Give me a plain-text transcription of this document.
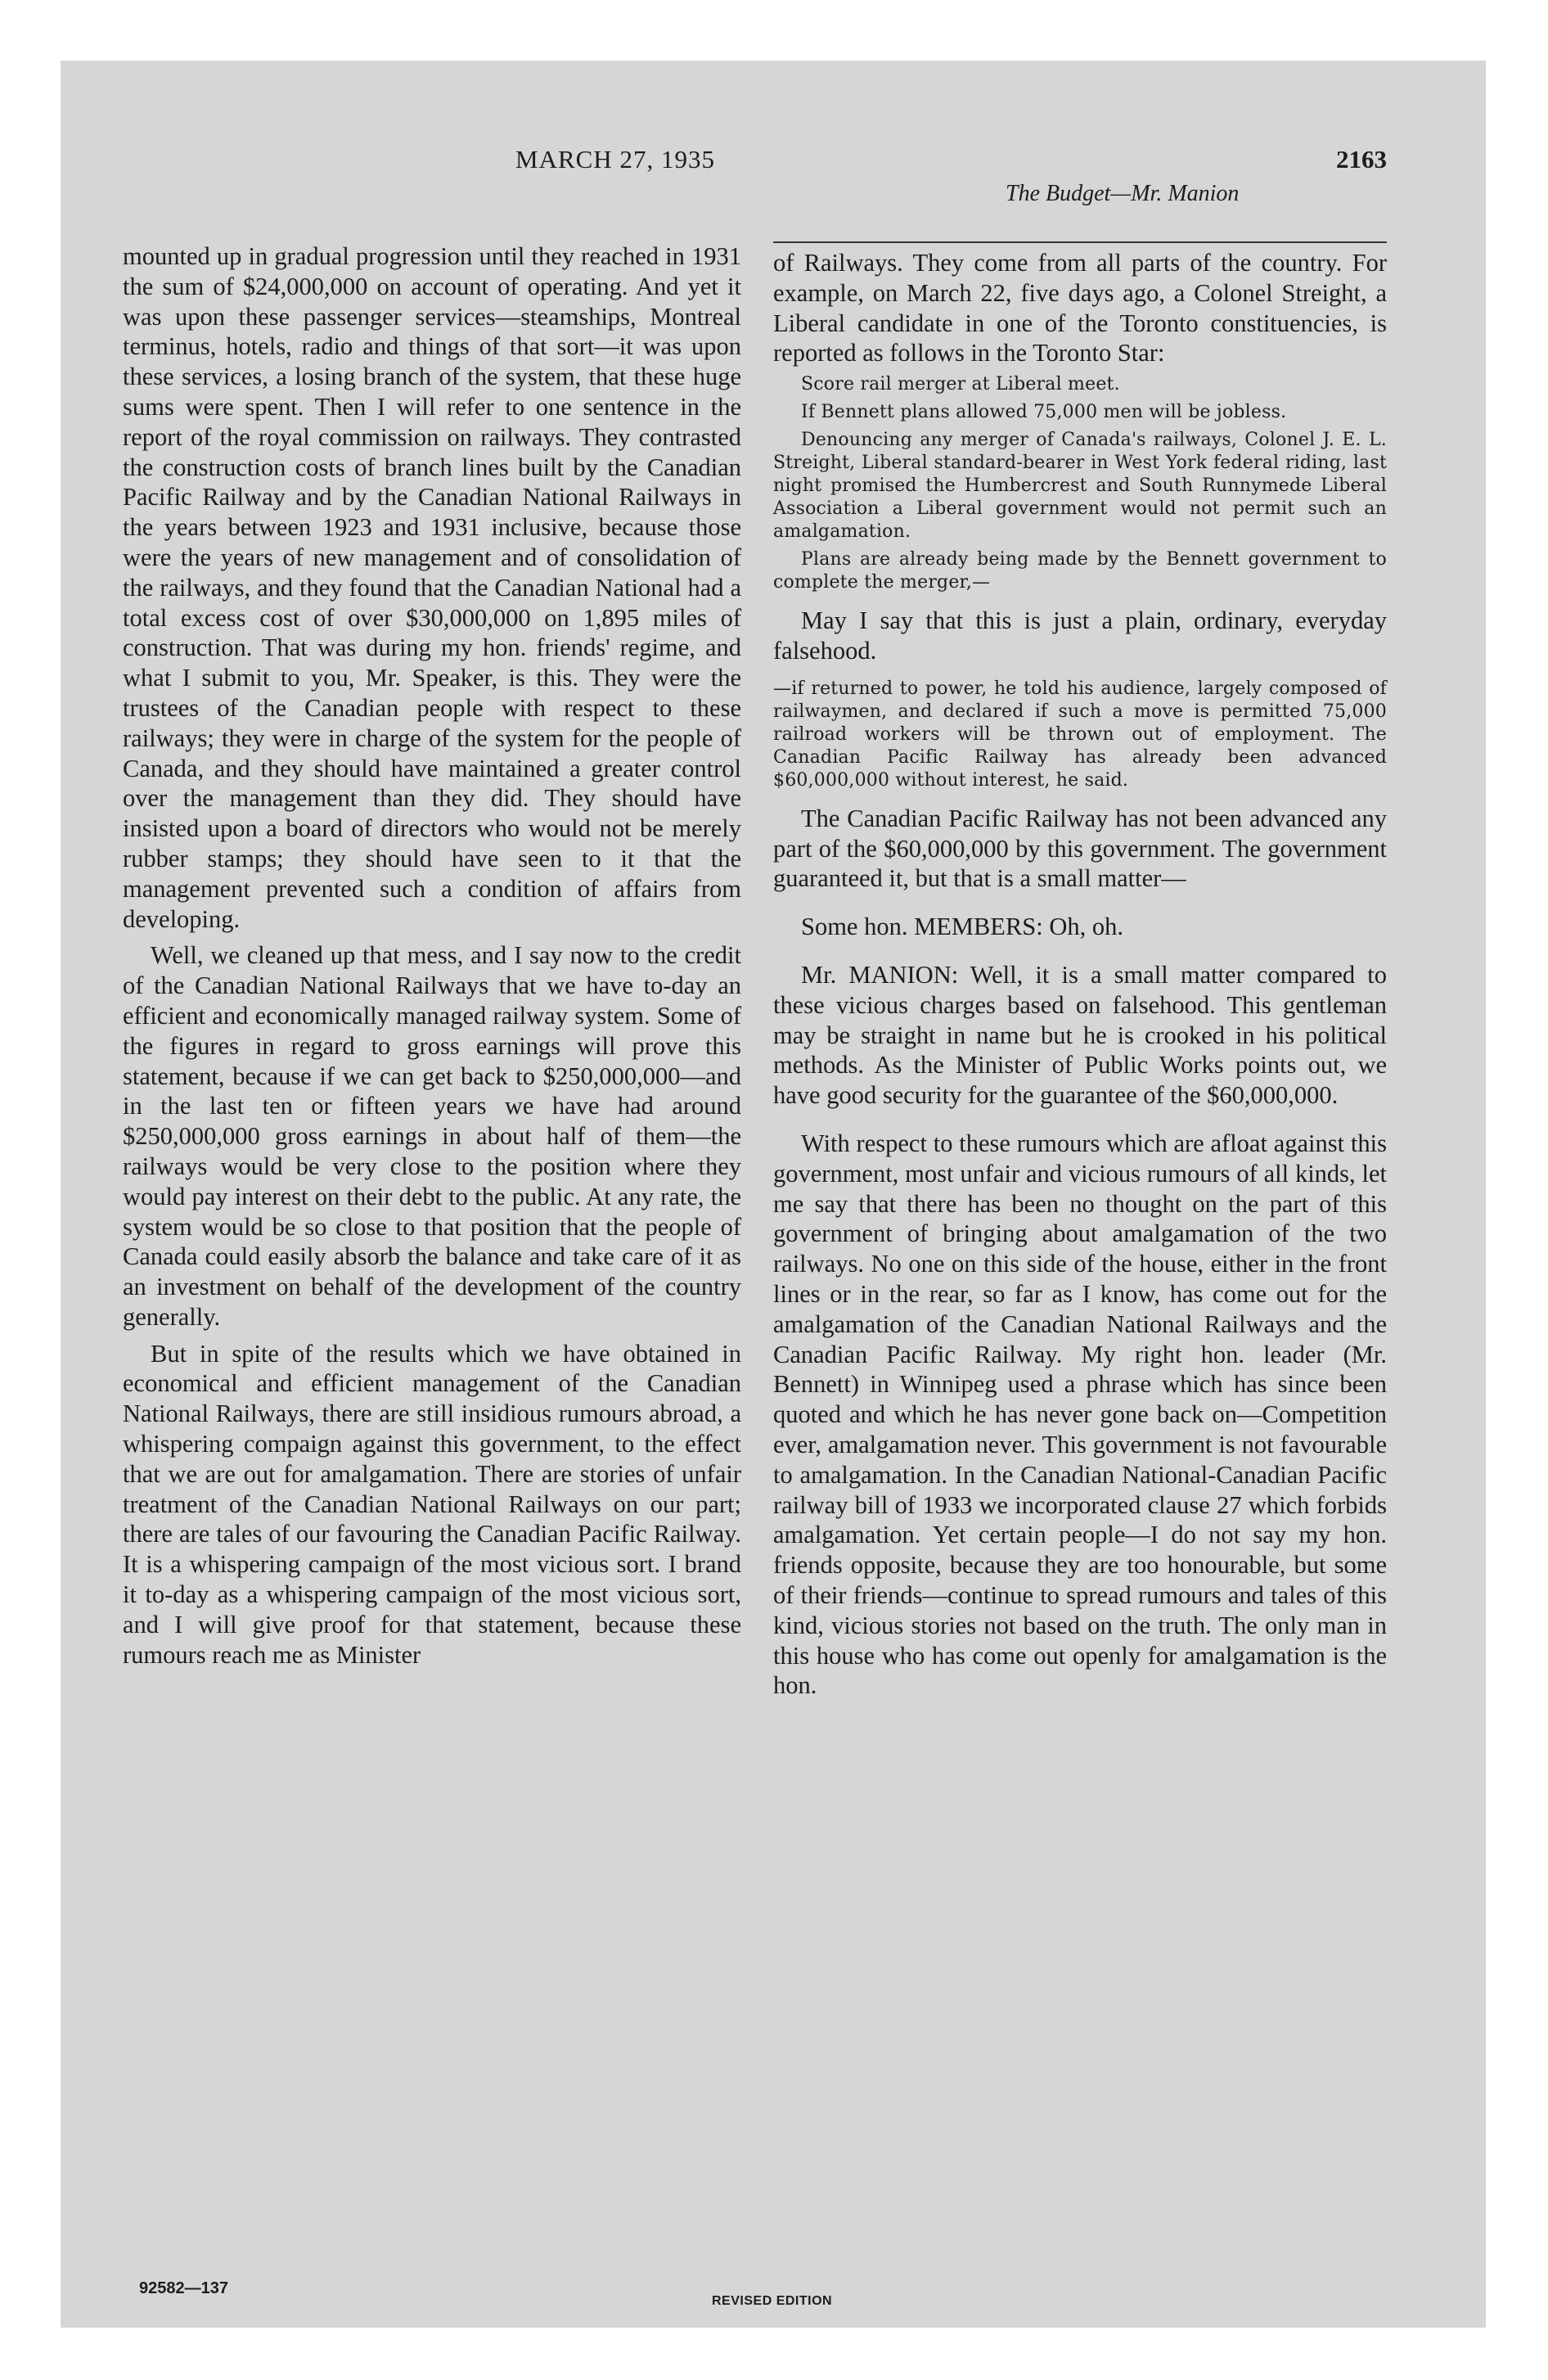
MARCH 27, 1935	2163
The Budget—Mr. Manion

mounted up in gradual progression until they reached in 1931 the sum of $24,000,000 on account of operating. And yet it was upon these passenger services—steamships, Montreal terminus, hotels, radio and things of that sort—it was upon these services, a losing branch of the system, that these huge sums were spent. Then I will refer to one sentence in the report of the royal commission on railways. They contrasted the construction costs of branch lines built by the Canadian Pacific Railway and by the Canadian National Railways in the years between 1923 and 1931 inclusive, because those were the years of new management and of consolidation of the railways, and they found that the Canadian National had a total excess cost of over $30,000,000 on 1,895 miles of construction. That was during my hon. friends' regime, and what I submit to you, Mr. Speaker, is this. They were the trustees of the Canadian people with respect to these railways; they were in charge of the system for the people of Canada, and they should have maintained a greater control over the management than they did. They should have insisted upon a board of directors who would not be merely rubber stamps; they should have seen to it that the management prevented such a condition of affairs from developing.

Well, we cleaned up that mess, and I say now to the credit of the Canadian National Railways that we have to-day an efficient and economically managed railway system. Some of the figures in regard to gross earnings will prove this statement, because if we can get back to $250,000,000—and in the last ten or fifteen years we have had around $250,000,000 gross earnings in about half of them—the railways would be very close to the position where they would pay interest on their debt to the public. At any rate, the system would be so close to that position that the people of Canada could easily absorb the balance and take care of it as an investment on behalf of the development of the country generally.

But in spite of the results which we have obtained in economical and efficient management of the Canadian National Railways, there are still insidious rumours abroad, a whispering compaign against this government, to the effect that we are out for amalgamation. There are stories of unfair treatment of the Canadian National Railways on our part; there are tales of our favouring the Canadian Pacific Railway. It is a whispering campaign of the most vicious sort. I brand it to-day as a whispering campaign of the most vicious sort, and I will give proof for that statement, because these rumours reach me as Minister

of Railways. They come from all parts of the country. For example, on March 22, five days ago, a Colonel Streight, a Liberal candidate in one of the Toronto constituencies, is reported as follows in the Toronto Star:

Score rail merger at Liberal meet.

If Bennett plans allowed 75,000 men will be jobless.

Denouncing any merger of Canada's railways, Colonel J. E. L. Streight, Liberal standard-bearer in West York federal riding, last night promised the Humbercrest and South Runnymede Liberal Association a Liberal government would not permit such an amalgamation.

Plans are already being made by the Bennett government to complete the merger,—

May I say that this is just a plain, ordinary, everyday falsehood.

—if returned to power, he told his audience, largely composed of railwaymen, and declared if such a move is permitted 75,000 railroad workers will be thrown out of employment. The Canadian Pacific Railway has already been advanced $60,000,000 without interest, he said.

The Canadian Pacific Railway has not been advanced any part of the $60,000,000 by this government. The government guaranteed it, but that is a small matter—

Some hon. MEMBERS: Oh, oh.

Mr. MANION: Well, it is a small matter compared to these vicious charges based on falsehood. This gentleman may be straight in name but he is crooked in his political methods. As the Minister of Public Works points out, we have good security for the guarantee of the $60,000,000.

With respect to these rumours which are afloat against this government, most unfair and vicious rumours of all kinds, let me say that there has been no thought on the part of this government of bringing about amalgamation of the two railways. No one on this side of the house, either in the front lines or in the rear, so far as I know, has come out for the amalgamation of the Canadian National Railways and the Canadian Pacific Railway. My right hon. leader (Mr. Bennett) in Winnipeg used a phrase which has since been quoted and which he has never gone back on—Competition ever, amalgamation never. This government is not favourable to amalgamation. In the Canadian National-Canadian Pacific railway bill of 1933 we incorporated clause 27 which forbids amalgamation. Yet certain people—I do not say my hon. friends opposite, because they are too honourable, but some of their friends—continue to spread rumours and tales of this kind, vicious stories not based on the truth. The only man in this house who has come out openly for amalgamation is the hon.

92582—137
REVISED EDITION
